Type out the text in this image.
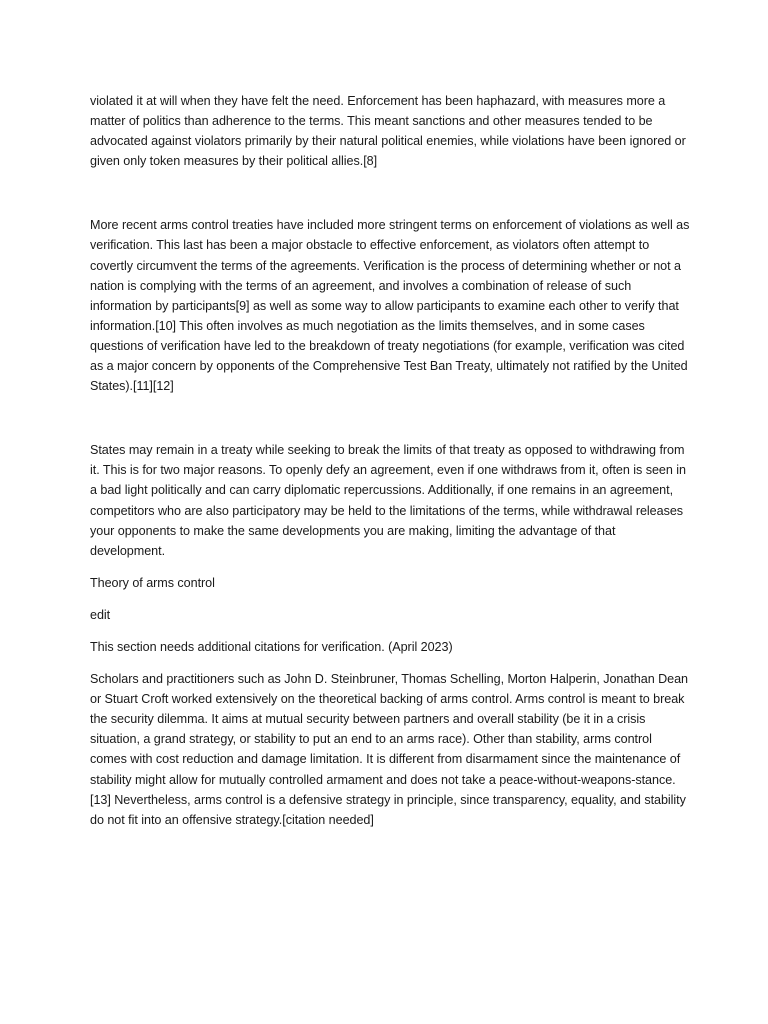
violated it at will when they have felt the need. Enforcement has been haphazard, with measures more a matter of politics than adherence to the terms. This meant sanctions and other measures tended to be advocated against violators primarily by their natural political enemies, while violations have been ignored or given only token measures by their political allies.[8]

More recent arms control treaties have included more stringent terms on enforcement of violations as well as verification. This last has been a major obstacle to effective enforcement, as violators often attempt to covertly circumvent the terms of the agreements. Verification is the process of determining whether or not a nation is complying with the terms of an agreement, and involves a combination of release of such information by participants[9] as well as some way to allow participants to examine each other to verify that information.[10] This often involves as much negotiation as the limits themselves, and in some cases questions of verification have led to the breakdown of treaty negotiations (for example, verification was cited as a major concern by opponents of the Comprehensive Test Ban Treaty, ultimately not ratified by the United States).[11][12]

States may remain in a treaty while seeking to break the limits of that treaty as opposed to withdrawing from it. This is for two major reasons. To openly defy an agreement, even if one withdraws from it, often is seen in a bad light politically and can carry diplomatic repercussions. Additionally, if one remains in an agreement, competitors who are also participatory may be held to the limitations of the terms, while withdrawal releases your opponents to make the same developments you are making, limiting the advantage of that development.

Theory of arms control

edit

This section needs additional citations for verification. (April 2023)

Scholars and practitioners such as John D. Steinbruner, Thomas Schelling, Morton Halperin, Jonathan Dean or Stuart Croft worked extensively on the theoretical backing of arms control. Arms control is meant to break the security dilemma. It aims at mutual security between partners and overall stability (be it in a crisis situation, a grand strategy, or stability to put an end to an arms race). Other than stability, arms control comes with cost reduction and damage limitation. It is different from disarmament since the maintenance of stability might allow for mutually controlled armament and does not take a peace-without-weapons-stance.[13] Nevertheless, arms control is a defensive strategy in principle, since transparency, equality, and stability do not fit into an offensive strategy.[citation needed]
